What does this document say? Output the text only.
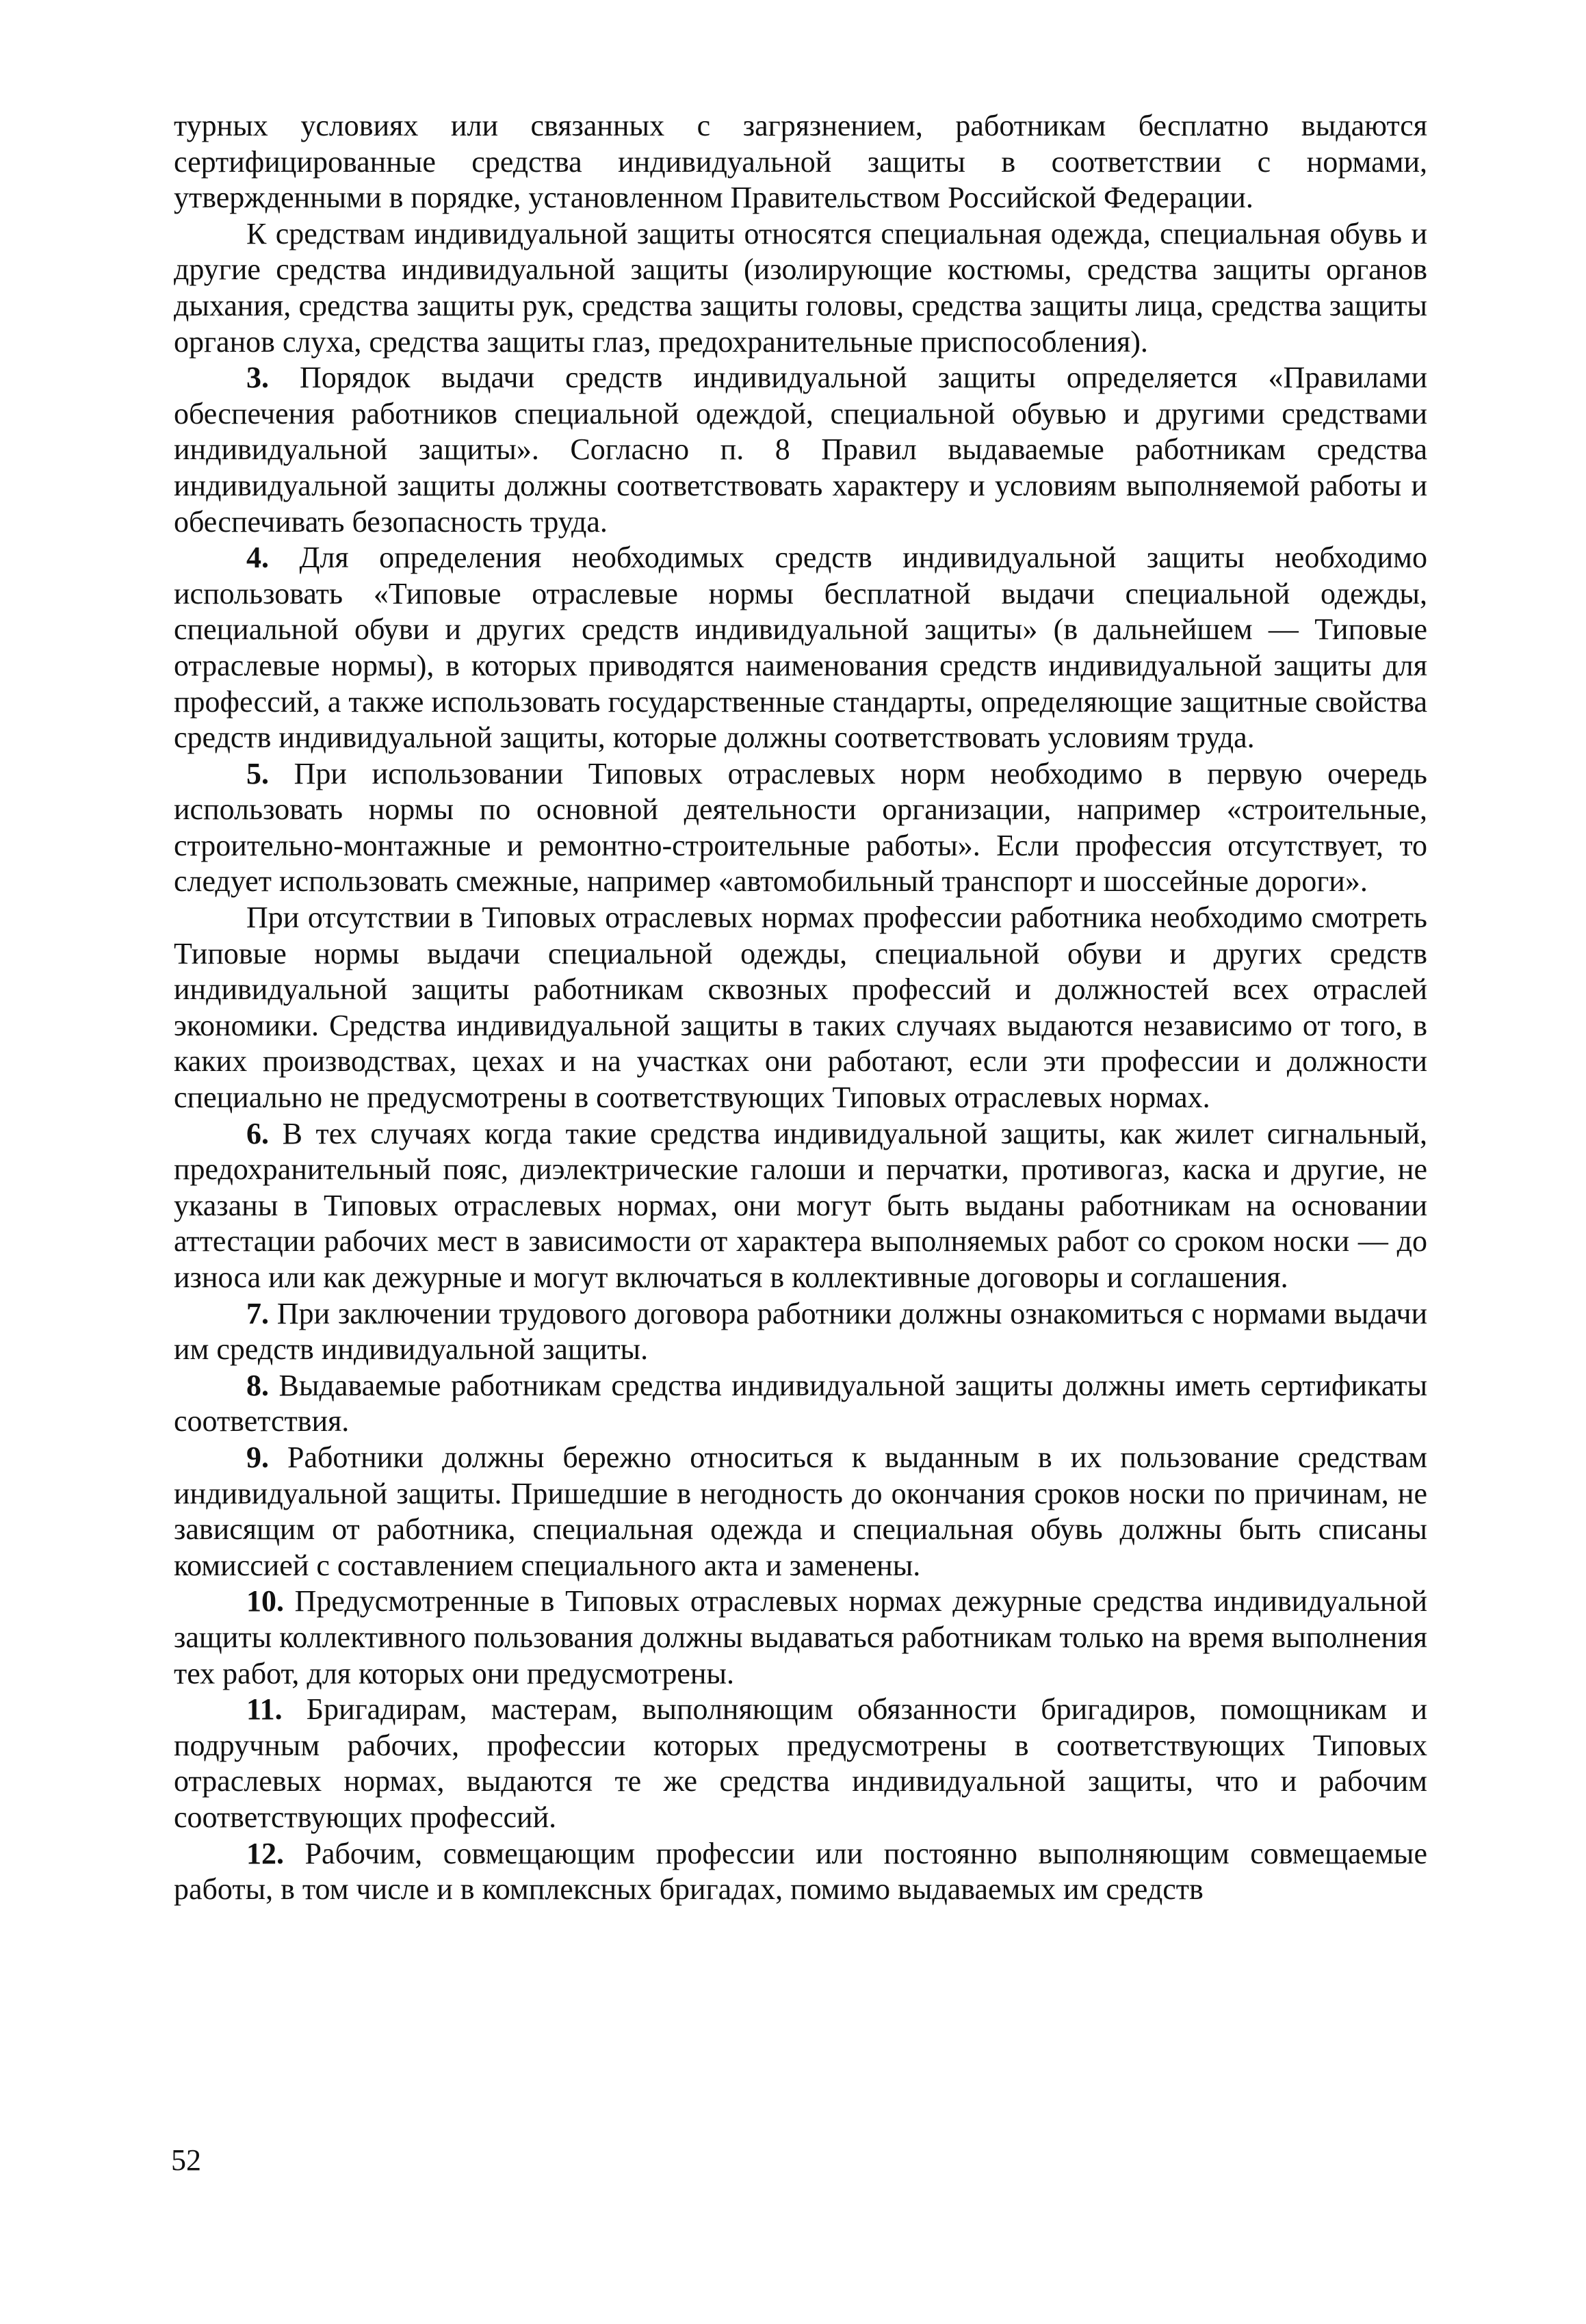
турных условиях или связанных с загрязнением, работникам бесплатно выдаются сертифицированные средства индивидуальной защиты в соответствии с нормами, утвержденными в порядке, установленном Правительством Российской Федерации.

К средствам индивидуальной защиты относятся специальная одежда, специальная обувь и другие средства индивидуальной защиты (изолирующие костюмы, средства защиты органов дыхания, средства защиты рук, средства защиты головы, средства защиты лица, средства защиты органов слуха, средства защиты глаз, предохранительные приспособления).

3. Порядок выдачи средств индивидуальной защиты определяется «Правилами обеспечения работников специальной одеждой, специальной обувью и другими средствами индивидуальной защиты». Согласно п. 8 Правил выдаваемые работникам средства индивидуальной защиты должны соответствовать характеру и условиям выполняемой работы и обеспечивать безопасность труда.

4. Для определения необходимых средств индивидуальной защиты необходимо использовать «Типовые отраслевые нормы бесплатной выдачи специальной одежды, специальной обуви и других средств индивидуальной защиты» (в дальнейшем — Типовые отраслевые нормы), в которых приводятся наименования средств индивидуальной защиты для профессий, а также использовать государственные стандарты, определяющие защитные свойства средств индивидуальной защиты, которые должны соответствовать условиям труда.

5. При использовании Типовых отраслевых норм необходимо в первую очередь использовать нормы по основной деятельности организации, например «строительные, строительно-монтажные и ремонтно-строительные работы». Если профессия отсутствует, то следует использовать смежные, например «автомобильный транспорт и шоссейные дороги».

При отсутствии в Типовых отраслевых нормах профессии работника необходимо смотреть Типовые нормы выдачи специальной одежды, специальной обуви и других средств индивидуальной защиты работникам сквозных профессий и должностей всех отраслей экономики. Средства индивидуальной защиты в таких случаях выдаются независимо от того, в каких производствах, цехах и на участках они работают, если эти профессии и должности специально не предусмотрены в соответствующих Типовых отраслевых нормах.

6. В тех случаях когда такие средства индивидуальной защиты, как жилет сигнальный, предохранительный пояс, диэлектрические галоши и перчатки, противогаз, каска и другие, не указаны в Типовых отраслевых нормах, они могут быть выданы работникам на основании аттестации рабочих мест в зависимости от характера выполняемых работ со сроком носки — до износа или как дежурные и могут включаться в коллективные договоры и соглашения.

7. При заключении трудового договора работники должны ознакомиться с нормами выдачи им средств индивидуальной защиты.

8. Выдаваемые работникам средства индивидуальной защиты должны иметь сертификаты соответствия.

9. Работники должны бережно относиться к выданным в их пользование средствам индивидуальной защиты. Пришедшие в негодность до окончания сроков носки по причинам, не зависящим от работника, специальная одежда и специальная обувь должны быть списаны комиссией с составлением специального акта и заменены.

10. Предусмотренные в Типовых отраслевых нормах дежурные средства индивидуальной защиты коллективного пользования должны выдаваться работникам только на время выполнения тех работ, для которых они предусмотрены.

11. Бригадирам, мастерам, выполняющим обязанности бригадиров, помощникам и подручным рабочих, профессии которых предусмотрены в соответствующих Типовых отраслевых нормах, выдаются те же средства индивидуальной защиты, что и рабочим соответствующих профессий.

12. Рабочим, совмещающим профессии или постоянно выполняющим совмещаемые работы, в том числе и в комплексных бригадах, помимо выдаваемых им средств

52
